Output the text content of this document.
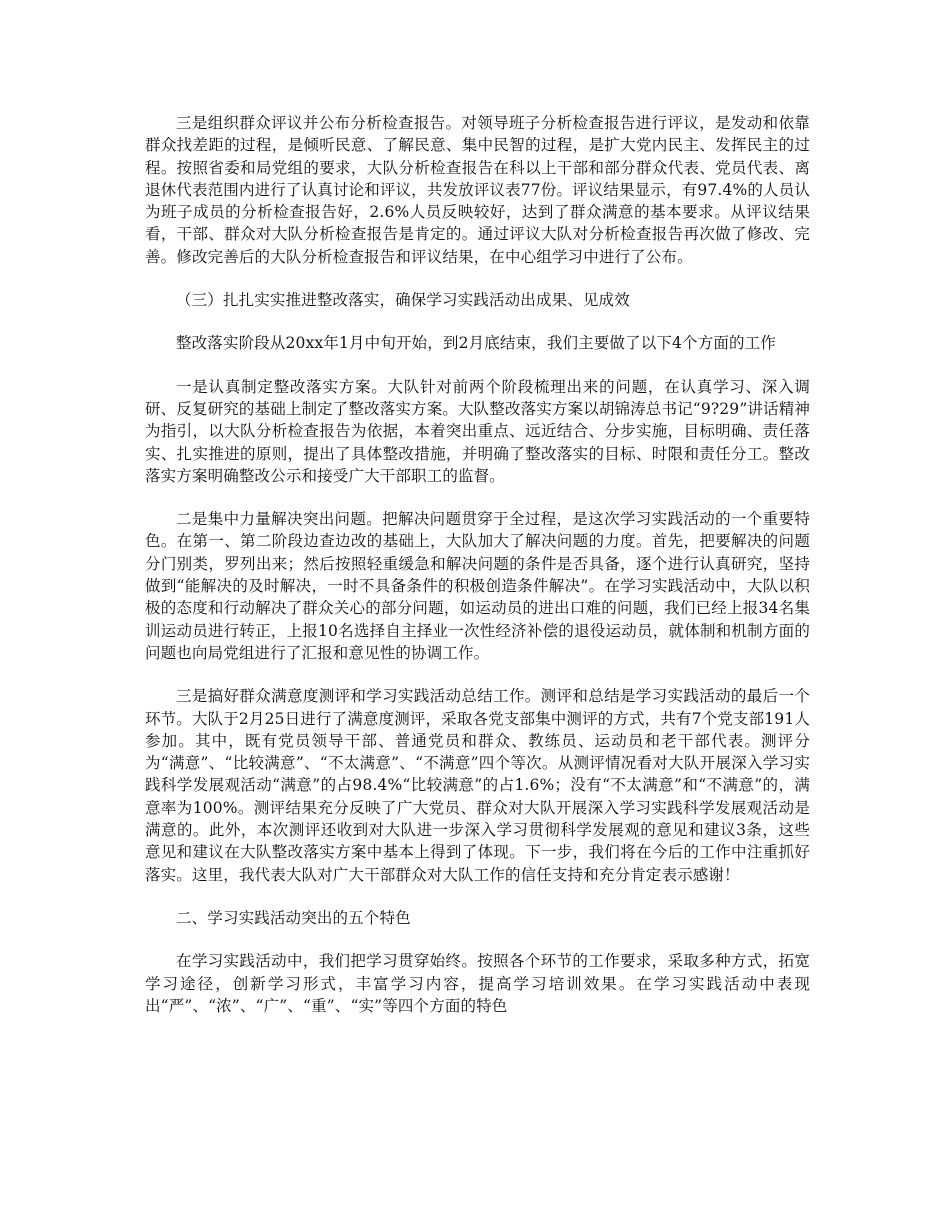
三是组织群众评议并公布分析检查报告。对领导班子分析检查报告进行评议，是发动和依靠群众找差距的过程，是倾听民意、了解民意、集中民智的过程，是扩大党内民主、发挥民主的过程。按照省委和局党组的要求，大队分析检查报告在科以上干部和部分群众代表、党员代表、离退休代表范围内进行了认真讨论和评议，共发放评议表77份。评议结果显示，有97.4%的人员认为班子成员的分析检查报告好，2.6%人员反映较好，达到了群众满意的基本要求。从评议结果看，干部、群众对大队分析检查报告是肯定的。通过评议大队对分析检查报告再次做了修改、完善。修改完善后的大队分析检查报告和评议结果，在中心组学习中进行了公布。

（三）扎扎实实推进整改落实，确保学习实践活动出成果、见成效

整改落实阶段从20xx年1月中旬开始，到2月底结束，我们主要做了以下4个方面的工作

一是认真制定整改落实方案。大队针对前两个阶段梳理出来的问题，在认真学习、深入调研、反复研究的基础上制定了整改落实方案。大队整改落实方案以胡锦涛总书记“9?29”讲话精神为指引，以大队分析检查报告为依据，本着突出重点、远近结合、分步实施，目标明确、责任落实、扎实推进的原则，提出了具体整改措施，并明确了整改落实的目标、时限和责任分工。整改落实方案明确整改公示和接受广大干部职工的监督。

二是集中力量解决突出问题。把解决问题贯穿于全过程，是这次学习实践活动的一个重要特色。在第一、第二阶段边查边改的基础上，大队加大了解决问题的力度。首先，把要解决的问题分门别类，罗列出来；然后按照轻重缓急和解决问题的条件是否具备，逐个进行认真研究，坚持做到“能解决的及时解决，一时不具备条件的积极创造条件解决”。在学习实践活动中，大队以积极的态度和行动解决了群众关心的部分问题，如运动员的进出口难的问题，我们已经上报34名集训运动员进行转正，上报10名选择自主择业一次性经济补偿的退役运动员，就体制和机制方面的问题也向局党组进行了汇报和意见性的协调工作。

三是搞好群众满意度测评和学习实践活动总结工作。测评和总结是学习实践活动的最后一个环节。大队于2月25日进行了满意度测评，采取各党支部集中测评的方式，共有7个党支部191人参加。其中，既有党员领导干部、普通党员和群众、教练员、运动员和老干部代表。测评分为“满意”、“比较满意”、“不太满意”、“不满意”四个等次。从测评情况看对大队开展深入学习实践科学发展观活动“满意”的占98.4%“比较满意”的占1.6%；没有“不太满意”和“不满意”的，满意率为100%。测评结果充分反映了广大党员、群众对大队开展深入学习实践科学发展观活动是满意的。此外，本次测评还收到对大队进一步深入学习贯彻科学发展观的意见和建议3条，这些意见和建议在大队整改落实方案中基本上得到了体现。下一步，我们将在今后的工作中注重抓好落实。这里，我代表大队对广大干部群众对大队工作的信任支持和充分肯定表示感谢！

二、学习实践活动突出的五个特色

在学习实践活动中，我们把学习贯穿始终。按照各个环节的工作要求，采取多种方式，拓宽学习途径，创新学习形式，丰富学习内容，提高学习培训效果。在学习实践活动中表现出“严”、“浓”、“广”、“重”、“实”等四个方面的特色
